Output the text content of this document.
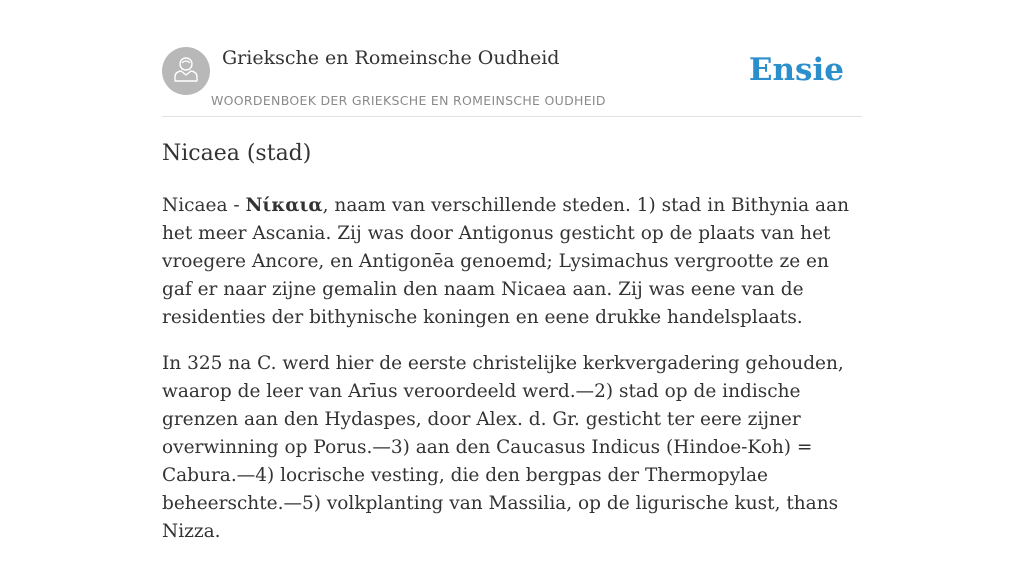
Grieksche en Romeinsche Oudheid
WOORDENBOEK DER GRIEKSCHE EN ROMEINSCHE OUDHEID
Ensie
Nicaea (stad)

Nicaea - Νίκαια, naam van verschillende steden. 1) stad in Bithynia aan het meer Ascania. Zij was door Antigonus gesticht op de plaats van het vroegere Ancore, en Antigonēa genoemd; Lysimachus vergrootte ze en gaf er naar zijne gemalin den naam Nicaea aan. Zij was eene van de residenties der bithynische koningen en eene drukke handelsplaats.

In 325 na C. werd hier de eerste christelijke kerkvergadering gehouden, waarop de leer van Arīus veroordeeld werd.—2) stad op de indische grenzen aan den Hydaspes, door Alex. d. Gr. gesticht ter eere zijner overwinning op Porus.—3) aan den Caucasus Indicus (Hindoe-Koh) = Cabura.—4) locrische vesting, die den bergpas der Thermopylae beheerschte.—5) volkplanting van Massilia, op de ligurische kust, thans Nizza.
